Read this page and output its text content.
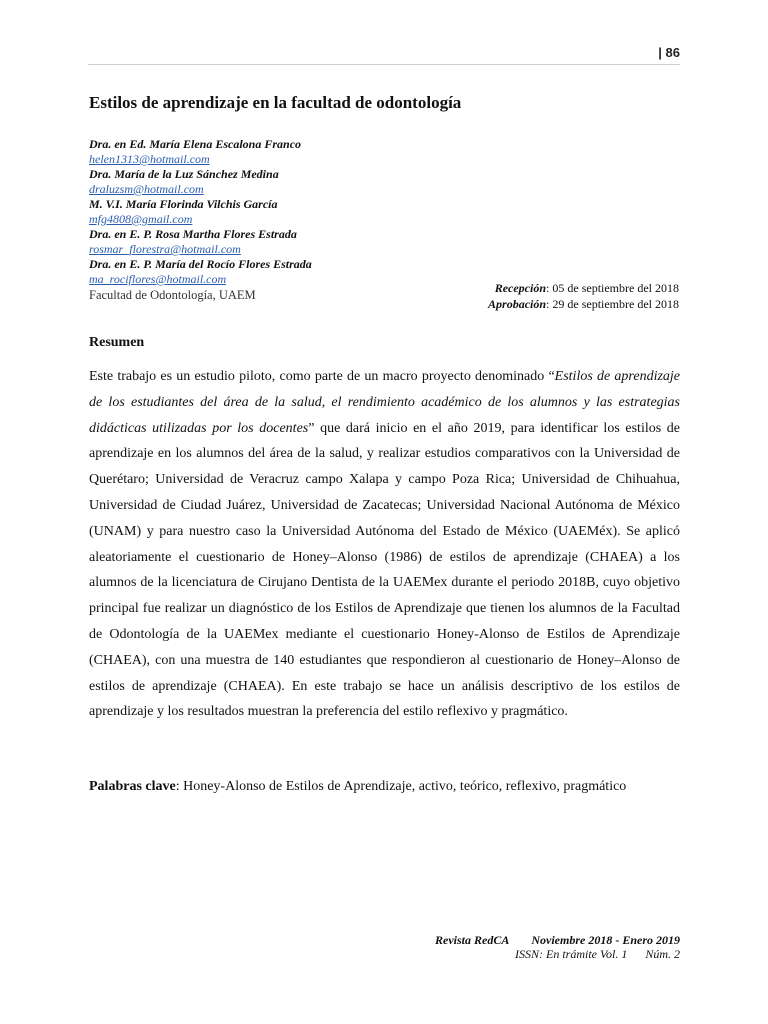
| 86
Estilos de aprendizaje en la facultad de odontología
Dra. en Ed. María Elena Escalona Franco
helen1313@hotmail.com
Dra. María de la Luz Sánchez Medina
draluzsm@hotmail.com
M. V.I. María Florinda Vilchis García
mfg4808@gmail.com
Dra. en E. P. Rosa Martha Flores Estrada
rosmar_florestra@hotmail.com
Dra. en E. P. María del Rocío Flores Estrada
ma_rociflores@hotmail.com
Facultad de Odontología, UAEM	Recepción: 05 de septiembre del 2018
Aprobación: 29 de septiembre del 2018
Resumen

Este trabajo es un estudio piloto, como parte de un macro proyecto denominado “Estilos de aprendizaje de los estudiantes del área de la salud, el rendimiento académico de los alumnos y las estrategias didácticas utilizadas por los docentes” que dará inicio en el año 2019, para identificar los estilos de aprendizaje en los alumnos del área de la salud, y realizar estudios comparativos con la Universidad de Querétaro; Universidad de Veracruz campo Xalapa y campo Poza Rica; Universidad de Chihuahua, Universidad de Ciudad Juárez, Universidad de Zacatecas; Universidad Nacional Autónoma de México (UNAM) y para nuestro caso la Universidad Autónoma del Estado de México (UAEMéx). Se aplicó aleatoriamente el cuestionario de Honey–Alonso (1986) de estilos de aprendizaje (CHAEA) a los alumnos de la licenciatura de Cirujano Dentista de la UAEMex durante el periodo 2018B, cuyo objetivo principal fue realizar un diagnóstico de los Estilos de Aprendizaje que tienen los alumnos de la Facultad de Odontología de la UAEMex mediante el cuestionario Honey-Alonso de Estilos de Aprendizaje (CHAEA), con una muestra de 140 estudiantes que respondieron al cuestionario de Honey–Alonso de estilos de aprendizaje (CHAEA). En este trabajo se hace un análisis descriptivo de los estilos de aprendizaje y los resultados muestran la preferencia del estilo reflexivo y pragmático.

Palabras clave: Honey-Alonso de Estilos de Aprendizaje, activo, teórico, reflexivo, pragmático

Revista RedCA Noviembre 2018 - Enero 2019
ISSN: En trámite Vol. 1 Núm. 2
